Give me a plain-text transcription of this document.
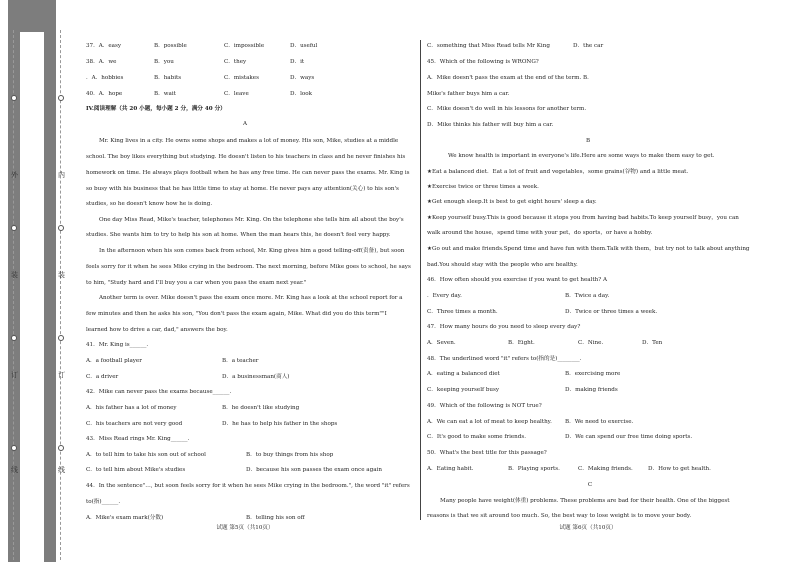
外
装
订
线
内
装
订
线
37．A．easy	B．possible	C．impossible	D．useful
38．A．we	B．you	C．they	D．it
．A．hobbies	B．habits	C．mistakes	D．ways
40．A．hope	B．wait	C．leave	D．look
IV.阅读理解（共 20 小题，每小题 2 分，满分 40 分）
A
Mr. King lives in a city. He owns some shops and makes a lot of money. His son, Mike, studies at a middle
school. The boy likes everything but studying. He doesn't listen to his teachers in class and he never finishes his
homework on time. He always plays football when he has any free time. He can never pass the exams. Mr. King is
so busy with his business that he has little time to stay at home. He never pays any attention(关心) to his son's
studies, so he doesn't know how he is doing.
One day Miss Read, Mike's teacher, telephones Mr. King. On the telephone she tells him all about the boy's
studies. She wants him to try to help his son at home. When the man hears this, he doesn't feel very happy.
In the afternoon when his son comes back from school, Mr. King gives him a good telling-off(责备), but soon
feels sorry for it when he sees Mike crying in the bedroom. The next morning, before Mike goes to school, he says
to him, "Study hard and I'll buy you a car when you pass the exam next year."
Another term is over. Mike doesn't pass the exam once more. Mr. King has a look at the school report for a
few minutes and then he asks his son, "You don't pass the exam again, Mike. What did you do this term""I
learned how to drive a car, dad," answers the boy.
41．Mr. King is______.
A．a football player	B．a teacher
C．a driver	D．a businessman(商人)
42．Mike can never pass the exams because______.
A．his father has a lot of money	B．he doesn't like studying
C．his teachers are not very good	D．he has to help his father in the shops
43．Miss Read rings Mr. King______.
A．to tell him to take his son out of school	B．to buy things from his shop
C．to tell him about Mike's studies	D．because his son passes the exam once again
44．In the sentence"…, but soon feels sorry for it when he sees Mike crying in the bedroom.", the word "it" refers
to(指)______.
A．Mike's exam mark(分数)	B．telling his son off
试题 第5页（共10页）
C．something that Miss Read tells Mr King	D．the car
45．Which of the following is WRONG?
A．Mike doesn't pass the exam at the end of the term. B．
Mike's father buys him a car.
C．Mike doesn't do well in his lessons for another term.
D．Mike thinks his father will buy him a car.
B
We know health is important in everyone's life.Here are some ways to make them easy to get.
★Eat a balanced diet．Eat a lot of fruit and vegetables，some grains(谷物) and a little meat.
★Exercise twice or three times a week.
★Get enough sleep.It is best to get eight hours' sleep a day.
★Keep yourself busy.This is good because it stops you from having bad habits.To keep yourself busy，you can
walk around the house，spend time with your pet，do sports，or have a hobby.
★Go out and make friends.Spend time and have fun with them.Talk with them，but try not to talk about anything
bad.You should stay with the people who are healthy.
46．How often should you exercise if you want to get health? A
．Every day.	B．Twice a day.
C．Three times a month.	D．Twice or three times a week.
47．How many hours do you need to sleep every day?
A．Seven.	B．Eight.	C．Nine.	D．Ten
48．The underlined word "it" refers to(指的是)________.
A．eating a balanced diet	B．exercising more
C．keeping yourself busy	D．making friends
49．Which of the following is NOT true?
A．We can eat a lot of meat to keep healthy. B．We need to exercise.
C．It's good to make some friends.	D．We can spend our free time doing sports.
50．What's the best title for this passage?
A．Eating habit.	B．Playing sports.	C．Making friends.	D．How to get health.
C
Many people have weight(体重) problems. These problems are bad for their health. One of the biggest
reasons is that we sit around too much. So, the best way to lose weight is to move your body.
试题 第6页（共10页）
